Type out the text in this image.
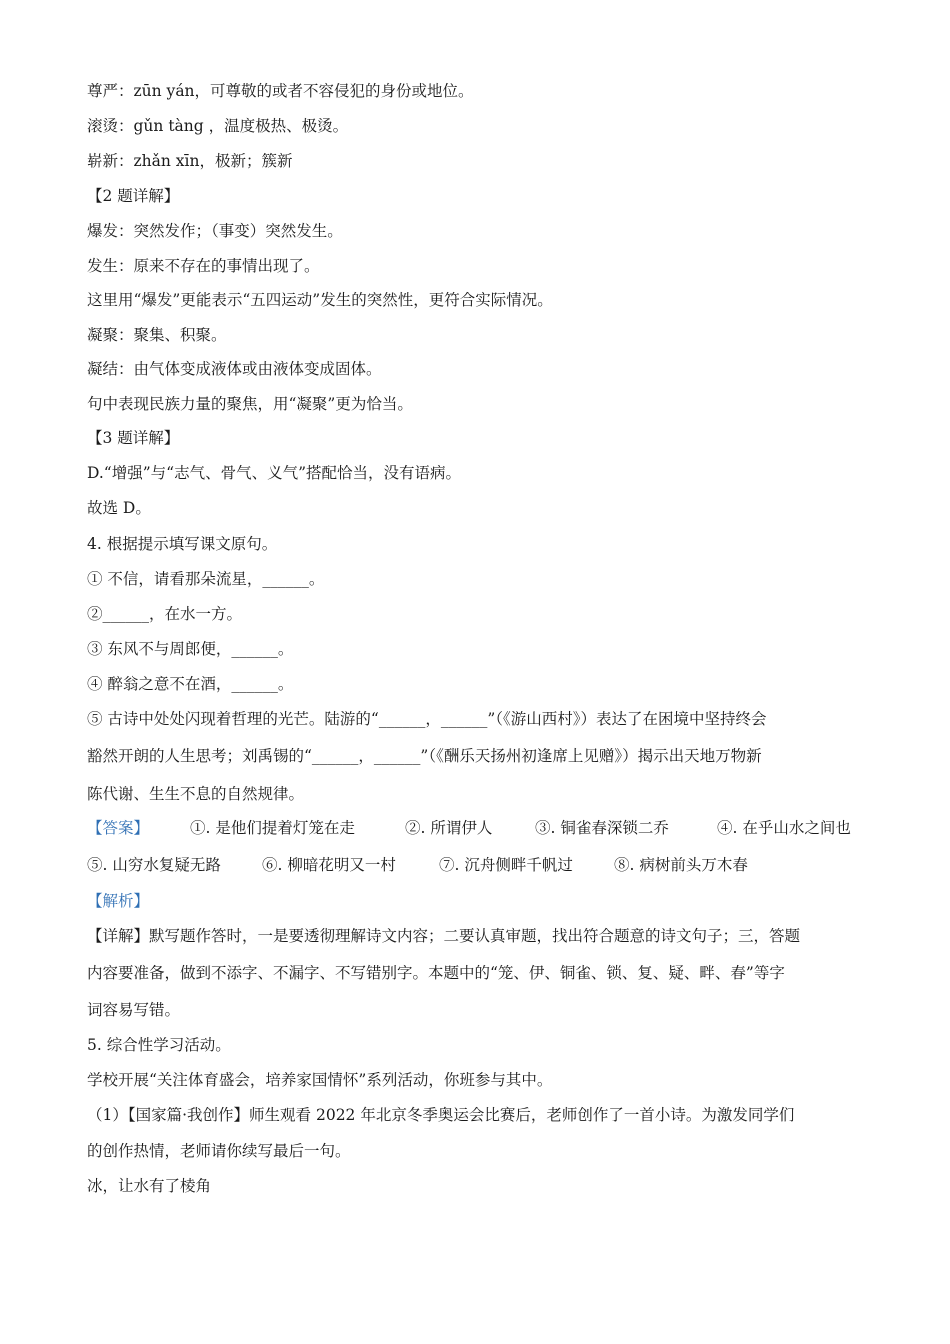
尊严：zūn yán，可尊敬的或者不容侵犯的身份或地位。
滚烫：gǔn tàng ，温度极热、极烫。
崭新：zhǎn xīn，极新；簇新
【2 题详解】
爆发：突然发作；（事变）突然发生。
发生：原来不存在的事情出现了。
这里用“爆发”更能表示“五四运动”发生的突然性，更符合实际情况。
凝聚：聚集、积聚。
凝结：由气体变成液体或由液体变成固体。
句中表现民族力量的聚焦，用“凝聚”更为恰当。
【3 题详解】
D.“增强”与“志气、骨气、义气”搭配恰当，没有语病。
故选 D。
4. 根据提示填写课文原句。
① 不信，请看那朵流星，______。
②______，在水一方。
③ 东风不与周郎便，______。
④ 醉翁之意不在酒，______。
⑤ 古诗中处处闪现着哲理的光芒。陆游的“______，______”（《游山西村》）表达了在困境中坚持终会
豁然开朗的人生思考；刘禹锡的“______，______”（《酬乐天扬州初逢席上见赠》）揭示出天地万物新
陈代谢、生生不息的自然规律。
【答案】	①. 是他们提着灯笼在走	②. 所谓伊人	③. 铜雀春深锁二乔	④. 在乎山水之间也
⑤. 山穷水复疑无路	⑥. 柳暗花明又一村	⑦. 沉舟侧畔千帆过	⑧. 病树前头万木春
【解析】
【详解】默写题作答时，一是要透彻理解诗文内容；二要认真审题，找出符合题意的诗文句子；三，答题
内容要准备，做到不添字、不漏字、不写错别字。本题中的“笼、伊、铜雀、锁、复、疑、畔、春”等字
词容易写错。
5. 综合性学习活动。
学校开展“关注体育盛会，培养家国情怀”系列活动，你班参与其中。
（1）【国家篇·我创作】师生观看 2022 年北京冬季奥运会比赛后，老师创作了一首小诗。为激发同学们
的创作热情，老师请你续写最后一句。
冰，让水有了棱角
